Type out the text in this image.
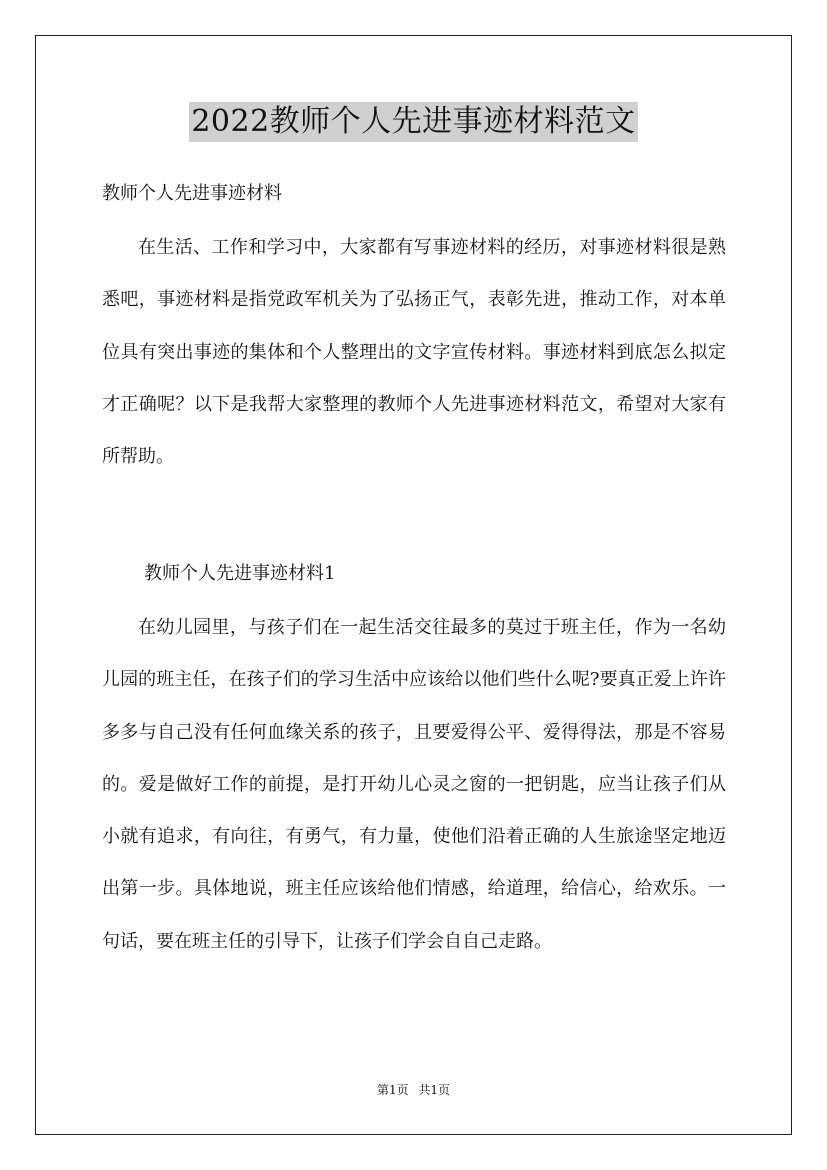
2022教师个人先进事迹材料范文
教师个人先进事迹材料

在生活、工作和学习中，大家都有写事迹材料的经历，对事迹材料很是熟悉吧，事迹材料是指党政军机关为了弘扬正气，表彰先进，推动工作，对本单位具有突出事迹的集体和个人整理出的文字宣传材料。事迹材料到底怎么拟定才正确呢？以下是我帮大家整理的教师个人先进事迹材料范文，希望对大家有所帮助。

教师个人先进事迹材料1

在幼儿园里，与孩子们在一起生活交往最多的莫过于班主任，作为一名幼儿园的班主任，在孩子们的学习生活中应该给以他们些什么呢?要真正爱上许许多多与自己没有任何血缘关系的孩子，且要爱得公平、爱得得法，那是不容易的。爱是做好工作的前提，是打开幼儿心灵之窗的一把钥匙，应当让孩子们从小就有追求，有向往，有勇气，有力量，使他们沿着正确的人生旅途坚定地迈出第一步。具体地说，班主任应该给他们情感，给道理，给信心，给欢乐。一句话，要在班主任的引导下，让孩子们学会自自己走路。

第1页 共1页
